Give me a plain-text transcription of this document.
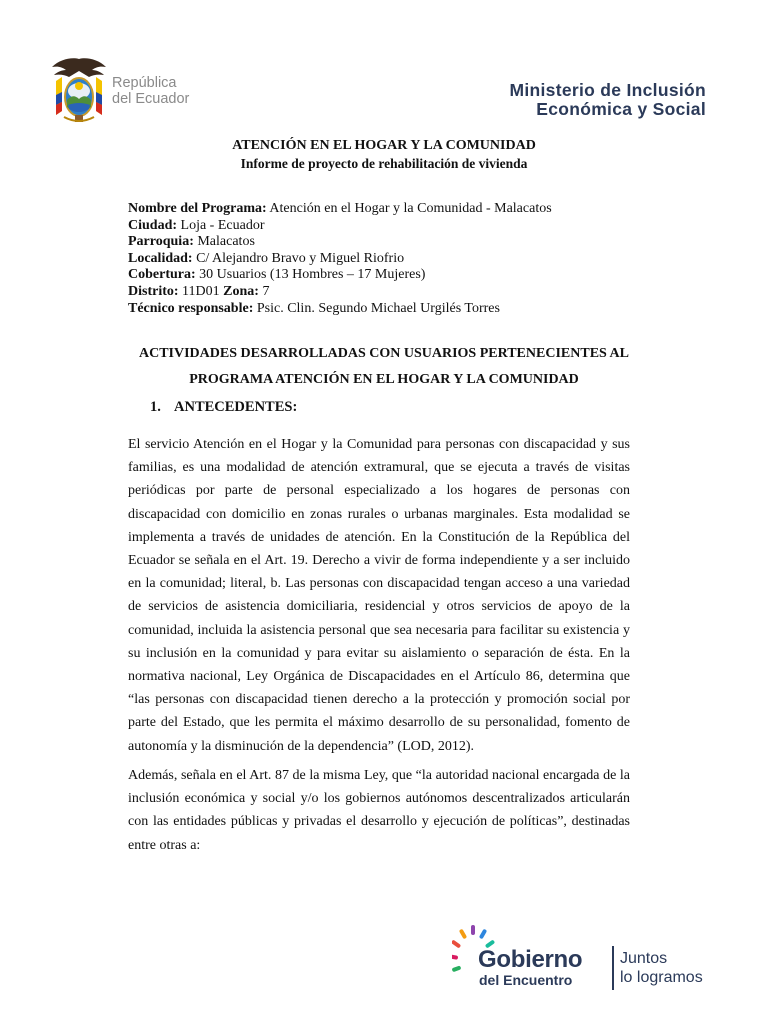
República
del Ecuador	Ministerio de Inclusión
Económica y Social
ATENCIÓN EN EL HOGAR Y LA COMUNIDAD
Informe de proyecto de rehabilitación de vivienda
Nombre del Programa: Atención en el Hogar y la Comunidad - Malacatos
Ciudad: Loja - Ecuador
Parroquia: Malacatos
Localidad: C/ Alejandro Bravo y Miguel Riofrio
Cobertura: 30 Usuarios (13 Hombres – 17 Mujeres)
Distrito: 11D01 Zona: 7
Técnico responsable: Psic. Clin. Segundo Michael Urgilés Torres
ACTIVIDADES DESARROLLADAS CON USUARIOS PERTENECIENTES AL
PROGRAMA ATENCIÓN EN EL HOGAR Y LA COMUNIDAD
1. ANTECEDENTES:
El servicio Atención en el Hogar y la Comunidad para personas con discapacidad y sus familias, es una modalidad de atención extramural, que se ejecuta a través de visitas periódicas por parte de personal especializado a los hogares de personas con discapacidad con domicilio en zonas rurales o urbanas marginales. Esta modalidad se implementa a través de unidades de atención. En la Constitución de la República del Ecuador se señala en el Art. 19. Derecho a vivir de forma independiente y a ser incluido en la comunidad; literal, b. Las personas con discapacidad tengan acceso a una variedad de servicios de asistencia domiciliaria, residencial y otros servicios de apoyo de la comunidad, incluida la asistencia personal que sea necesaria para facilitar su existencia y su inclusión en la comunidad y para evitar su aislamiento o separación de ésta. En la normativa nacional, Ley Orgánica de Discapacidades en el Artículo 86, determina que “las personas con discapacidad tienen derecho a la protección y promoción social por parte del Estado, que les permita el máximo desarrollo de su personalidad, fomento de autonomía y la disminución de la dependencia” (LOD, 2012).
Además, señala en el Art. 87 de la misma Ley, que “la autoridad nacional encargada de la inclusión económica y social y/o los gobiernos autónomos descentralizados articularán con las entidades públicas y privadas el desarrollo y ejecución de políticas”, destinadas entre otras a:
Gobierno
del Encuentro
Juntos
lo logramos
